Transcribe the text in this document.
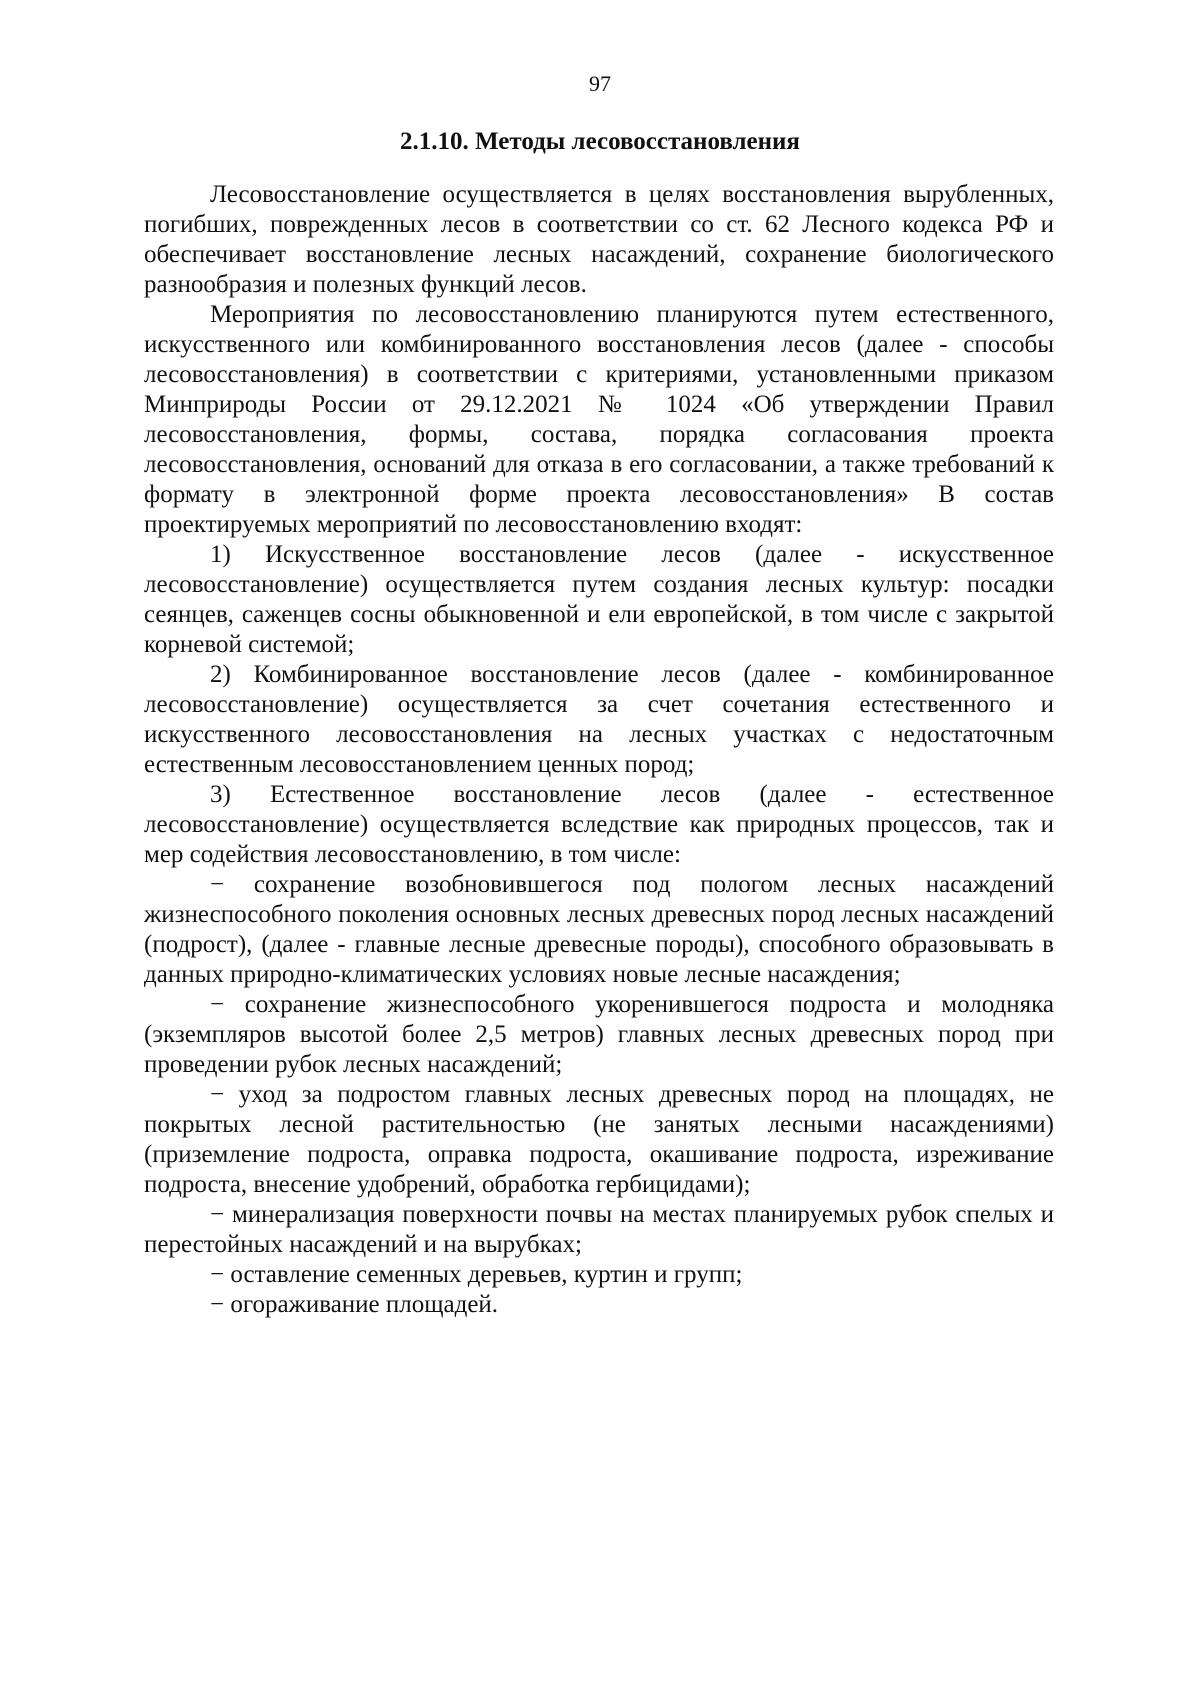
97
2.1.10. Методы лесовосстановления

Лесовосстановление осуществляется в целях восстановления вырубленных, погибших, поврежденных лесов в соответствии со ст. 62 Лесного кодекса РФ и обеспечивает восстановление лесных насаждений, сохранение биологического разнообразия и полезных функций лесов.

Мероприятия по лесовосстановлению планируются путем естественного, искусственного или комбинированного восстановления лесов (далее - способы лесовосстановления) в соответствии с критериями, установленными приказом Минприроды России от 29.12.2021 № 1024 «Об утверждении Правил лесовосстановления, формы, состава, порядка согласования проекта лесовосстановления, оснований для отказа в его согласовании, а также требований к формату в электронной форме проекта лесовосстановления» В состав проектируемых мероприятий по лесовосстановлению входят:

1) Искусственное восстановление лесов (далее - искусственное лесовосстановление) осуществляется путем создания лесных культур: посадки сеянцев, саженцев сосны обыкновенной и ели европейской, в том числе с закрытой корневой системой;

2) Комбинированное восстановление лесов (далее - комбинированное лесовосстановление) осуществляется за счет сочетания естественного и искусственного лесовосстановления на лесных участках с недостаточным естественным лесовосстановлением ценных пород;

3) Естественное восстановление лесов (далее - естественное лесовосстановление) осуществляется вследствие как природных процессов, так и мер содействия лесовосстановлению, в том числе:

− сохранение возобновившегося под пологом лесных насаждений жизнеспособного поколения основных лесных древесных пород лесных насаждений (подрост), (далее - главные лесные древесные породы), способного образовывать в данных природно-климатических условиях новые лесные насаждения;

− сохранение жизнеспособного укоренившегося подроста и молодняка (экземпляров высотой более 2,5 метров) главных лесных древесных пород при проведении рубок лесных насаждений;

− уход за подростом главных лесных древесных пород на площадях, не покрытых лесной растительностью (не занятых лесными насаждениями) (приземление подроста, оправка подроста, окашивание подроста, изреживание подроста, внесение удобрений, обработка гербицидами);

− минерализация поверхности почвы на местах планируемых рубок спелых и перестойных насаждений и на вырубках;

− оставление семенных деревьев, куртин и групп;

− огораживание площадей.
